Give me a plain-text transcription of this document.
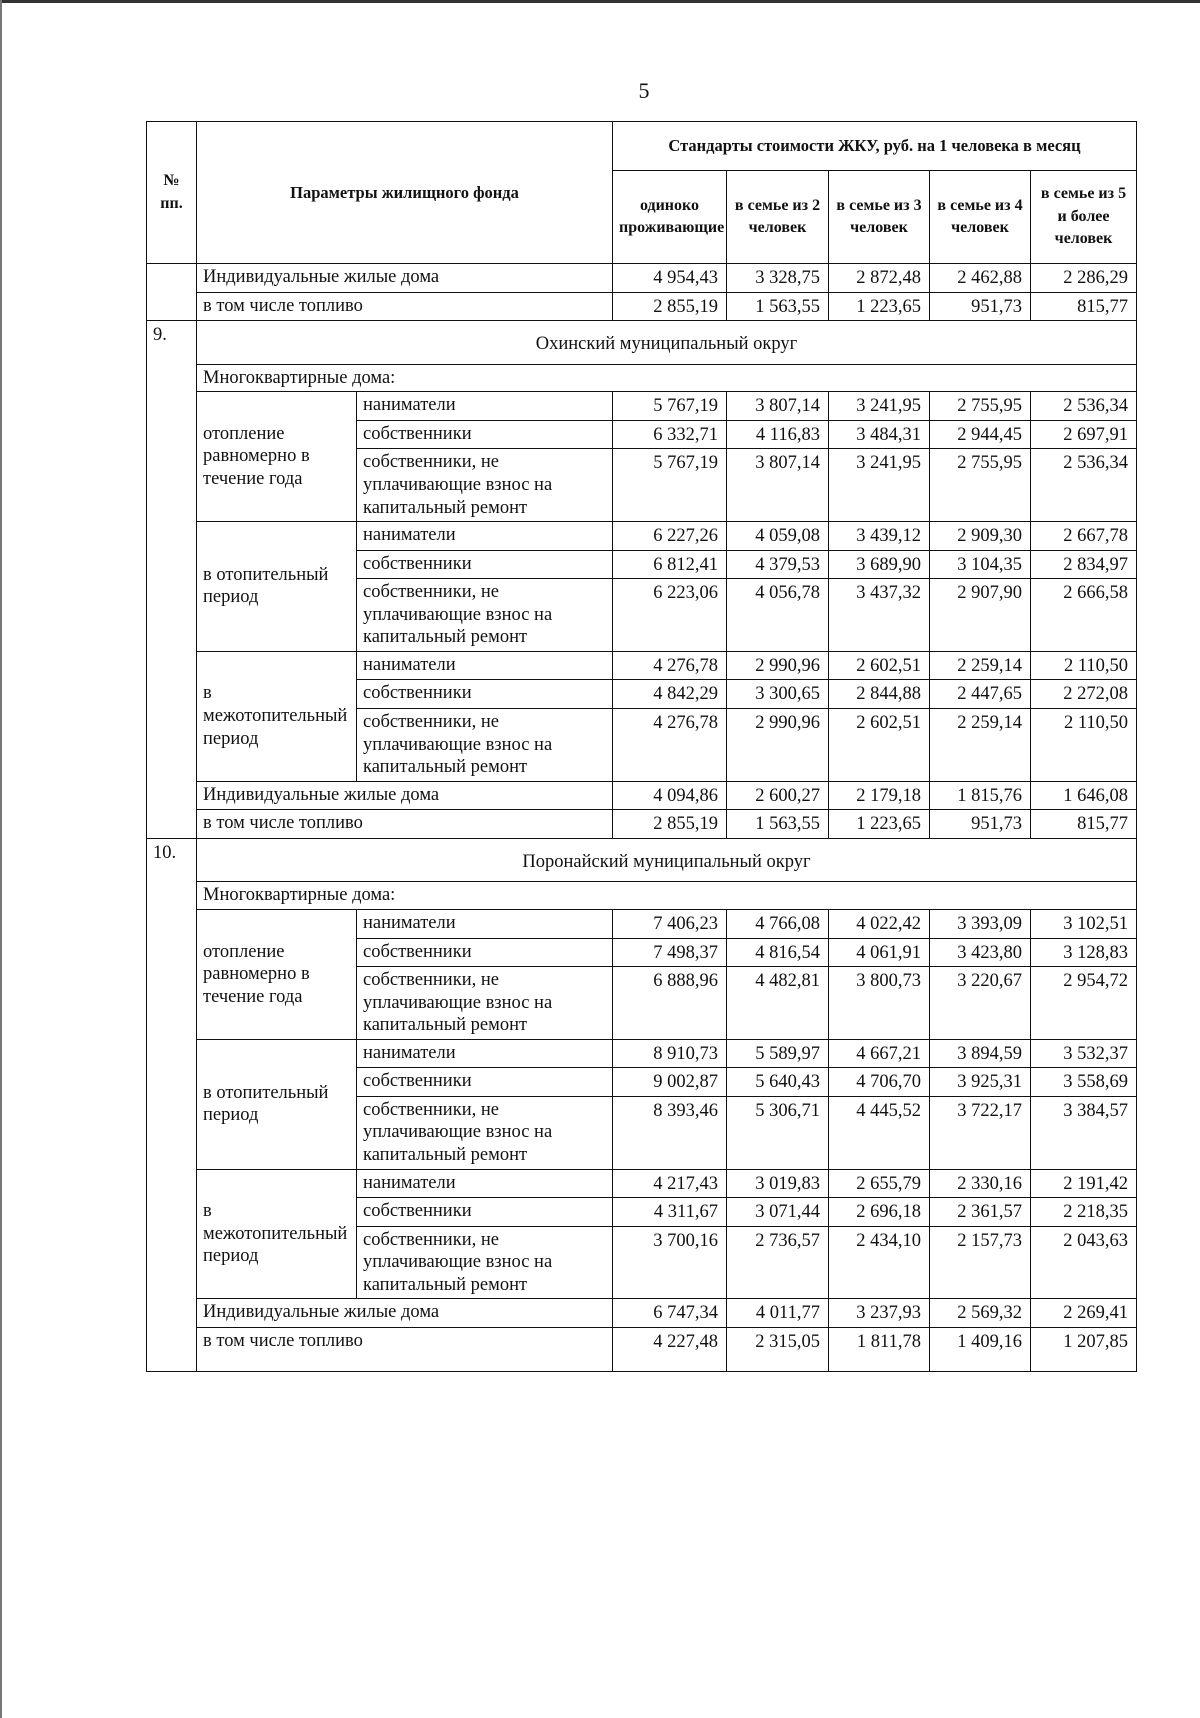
5
№ пп.	Параметры жилищного фонда		Стандарты стоимости ЖКУ, руб. на 1 человека в месяц				
			одиноко проживающие	в семье из 2 человек	в семье из 3 человек	в семье из 4 человек	в семье из 5 и более человек
	Индивидуальные жилые дома		4 954,43	3 328,75	2 872,48	2 462,88	2 286,29
	в том числе топливо		2 855,19	1 563,55	1 223,65	951,73	815,77
9.	Охинский муниципальный округ						
	Многоквартирные дома:						
	отопление равномерно в течение года	наниматели	5 767,19	3 807,14	3 241,95	2 755,95	2 536,34
		собственники	6 332,71	4 116,83	3 484,31	2 944,45	2 697,91
		собственники, не уплачивающие взнос на капитальный ремонт	5 767,19	3 807,14	3 241,95	2 755,95	2 536,34
	в отопительный период	наниматели	6 227,26	4 059,08	3 439,12	2 909,30	2 667,78
		собственники	6 812,41	4 379,53	3 689,90	3 104,35	2 834,97
		собственники, не уплачивающие взнос на капитальный ремонт	6 223,06	4 056,78	3 437,32	2 907,90	2 666,58
	в межотопительный период	наниматели	4 276,78	2 990,96	2 602,51	2 259,14	2 110,50
		собственники	4 842,29	3 300,65	2 844,88	2 447,65	2 272,08
		собственники, не уплачивающие взнос на капитальный ремонт	4 276,78	2 990,96	2 602,51	2 259,14	2 110,50
	Индивидуальные жилые дома		4 094,86	2 600,27	2 179,18	1 815,76	1 646,08
	в том числе топливо		2 855,19	1 563,55	1 223,65	951,73	815,77
10.	Поронайский муниципальный округ						
	Многоквартирные дома:						
	отопление равномерно в течение года	наниматели	7 406,23	4 766,08	4 022,42	3 393,09	3 102,51
		собственники	7 498,37	4 816,54	4 061,91	3 423,80	3 128,83
		собственники, не уплачивающие взнос на капитальный ремонт	6 888,96	4 482,81	3 800,73	3 220,67	2 954,72
	в отопительный период	наниматели	8 910,73	5 589,97	4 667,21	3 894,59	3 532,37
		собственники	9 002,87	5 640,43	4 706,70	3 925,31	3 558,69
		собственники, не уплачивающие взнос на капитальный ремонт	8 393,46	5 306,71	4 445,52	3 722,17	3 384,57
	в межотопительный период	наниматели	4 217,43	3 019,83	2 655,79	2 330,16	2 191,42
		собственники	4 311,67	3 071,44	2 696,18	2 361,57	2 218,35
		собственники, не уплачивающие взнос на капитальный ремонт	3 700,16	2 736,57	2 434,10	2 157,73	2 043,63
	Индивидуальные жилые дома		6 747,34	4 011,77	3 237,93	2 569,32	2 269,41
	в том числе топливо		4 227,48	2 315,05	1 811,78	1 409,16	1 207,85
